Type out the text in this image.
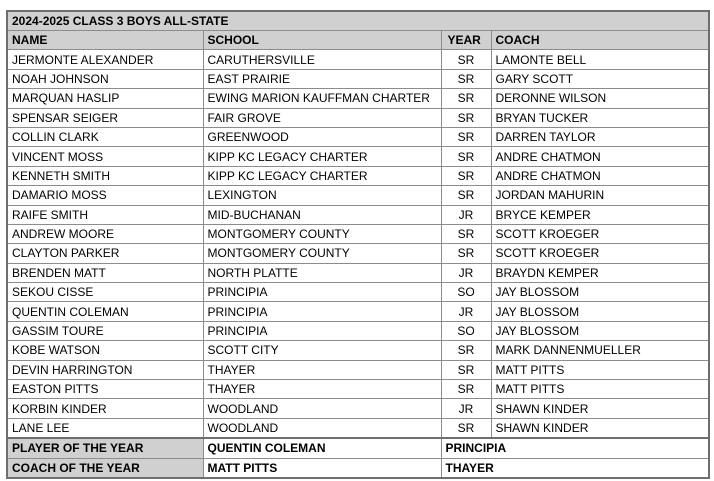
2024-2025 CLASS 3 BOYS ALL-STATE			
NAME	SCHOOL	YEAR	COACH
JERMONTE ALEXANDER	CARUTHERSVILLE	SR	LAMONTE BELL
NOAH JOHNSON	EAST PRAIRIE	SR	GARY SCOTT
MARQUAN HASLIP	EWING MARION KAUFFMAN CHARTER	SR	DERONNE WILSON
SPENSAR SEIGER	FAIR GROVE	SR	BRYAN TUCKER
COLLIN CLARK	GREENWOOD	SR	DARREN TAYLOR
VINCENT MOSS	KIPP KC LEGACY CHARTER	SR	ANDRE CHATMON
KENNETH SMITH	KIPP KC LEGACY CHARTER	SR	ANDRE CHATMON
DAMARIO MOSS	LEXINGTON	SR	JORDAN MAHURIN
RAIFE SMITH	MID-BUCHANAN	JR	BRYCE KEMPER
ANDREW MOORE	MONTGOMERY COUNTY	SR	SCOTT KROEGER
CLAYTON PARKER	MONTGOMERY COUNTY	SR	SCOTT KROEGER
BRENDEN MATT	NORTH PLATTE	JR	BRAYDN KEMPER
SEKOU CISSE	PRINCIPIA	SO	JAY BLOSSOM
QUENTIN COLEMAN	PRINCIPIA	JR	JAY BLOSSOM
GASSIM TOURE	PRINCIPIA	SO	JAY BLOSSOM
KOBE WATSON	SCOTT CITY	SR	MARK DANNENMUELLER
DEVIN HARRINGTON	THAYER	SR	MATT PITTS
EASTON PITTS	THAYER	SR	MATT PITTS
KORBIN KINDER	WOODLAND	JR	SHAWN KINDER
LANE LEE	WOODLAND	SR	SHAWN KINDER
PLAYER OF THE YEAR	QUENTIN COLEMAN	PRINCIPIA	
COACH OF THE YEAR	MATT PITTS	THAYER	
